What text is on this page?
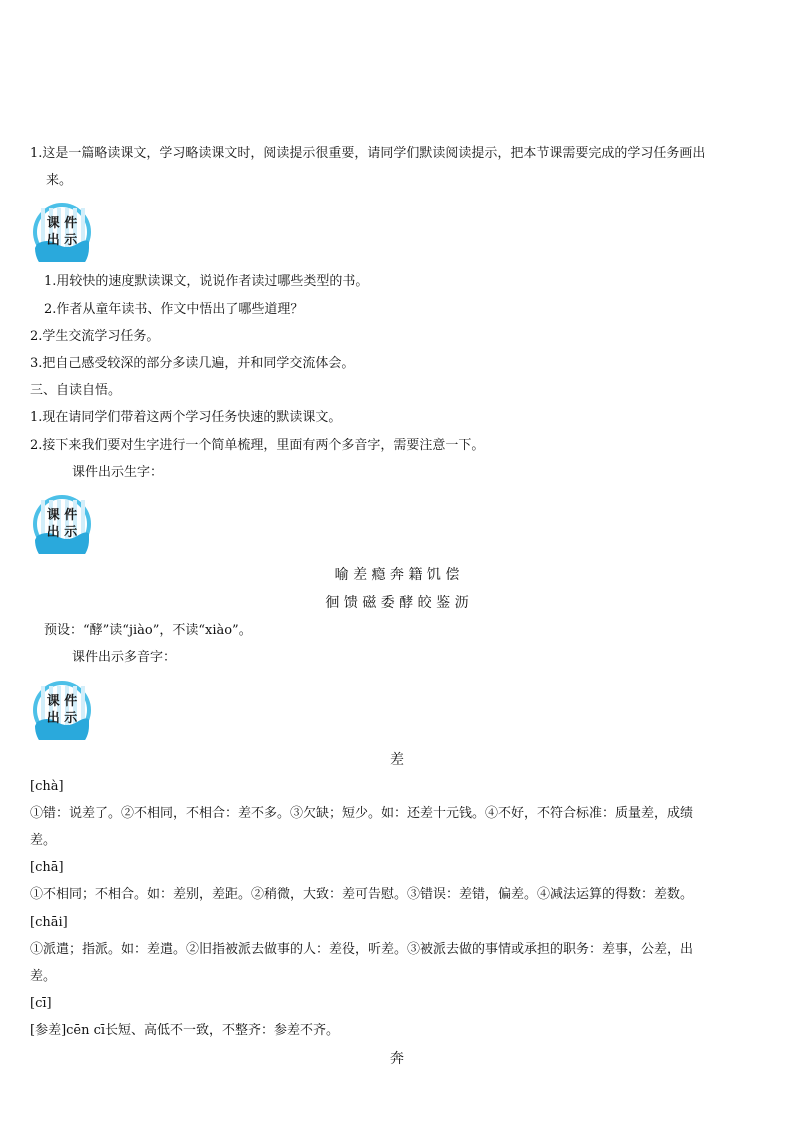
1.这是一篇略读课文，学习略读课文时，阅读提示很重要，请同学们默读阅读提示，把本节课需要完成的学习任务画出
来。
课 件
出 示
1.用较快的速度默读课文，说说作者读过哪些类型的书。
2.作者从童年读书、作文中悟出了哪些道理？
2.学生交流学习任务。
3.把自己感受较深的部分多读几遍，并和同学交流体会。
三、自读自悟。
1.现在请同学们带着这两个学习任务快速的默读课文。
2.接下来我们要对生字进行一个简单梳理，里面有两个多音字，需要注意一下。
课件出示生字：
课 件
出 示
喻 差 瘾 奔 籍 饥 偿
徊 馈 磁 委 酵 皎 鉴 沥
预设：“酵”读“jiào”，不读“xiào”。
课件出示多音字：
课 件
出 示
差
[chà]
①错：说差了。②不相同，不相合：差不多。③欠缺；短少。如：还差十元钱。④不好，不符合标准：质量差，成绩
差。
[chā]
①不相同；不相合。如：差别，差距。②稍微，大致：差可告慰。③错误：差错，偏差。④减法运算的得数：差数。
[chāi]
①派遣；指派。如：差遣。②旧指被派去做事的人：差役，听差。③被派去做的事情或承担的职务：差事，公差，出
差。
[cī]
[参差]cēn cī长短、高低不一致，不整齐：参差不齐。
奔
